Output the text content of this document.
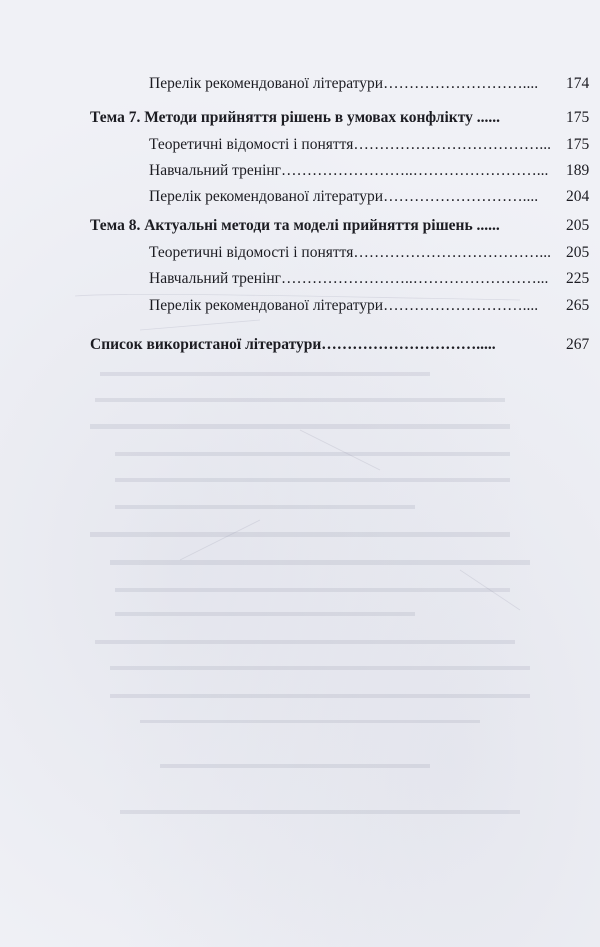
Перелік рекомендованої літератури……………………….... 174
Тема 7. Методи прийняття рішень в умовах конфлікту ......	175
Теоретичні відомості і поняття………………………………... 175
Навчальний тренінг……………………..……………………... 189
Перелік рекомендованої літератури……………………….... 204
Тема 8. Актуальні методи та моделі прийняття рішень ......	205
Теоретичні відомості і поняття………………………………... 205
Навчальний тренінг……………………..……………………... 225
Перелік рекомендованої літератури……………………….... 265
Список використаної літератури………………………….....	267
